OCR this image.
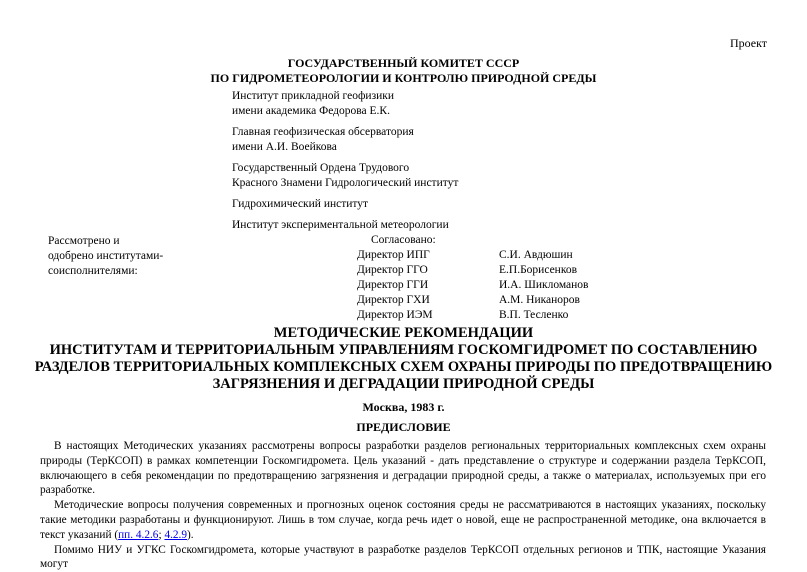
Проект
ГОСУДАРСТВЕННЫЙ КОМИТЕТ СССР
ПО ГИДРОМЕТЕОРОЛОГИИ И КОНТРОЛЮ ПРИРОДНОЙ СРЕДЫ
Институт прикладной геофизики
имени академика Федорова Е.К.
Главная геофизическая обсерватория
имени А.И. Воейкова
Государственный Ордена Трудового
Красного Знамени Гидрологический институт
Гидрохимический институт
Институт экспериментальной метеорологии
Рассмотрено и
одобрено институтами-
соисполнителями:
Согласовано:
Директор ИПГ	С.И. Авдюшин
Директор ГГО	Е.П.Борисенков
Директор ГГИ	И.А. Шикломанов
Директор ГХИ	А.М. Никаноров
Директор ИЭМ	В.П. Тесленко
МЕТОДИЧЕСКИЕ РЕКОМЕНДАЦИИ
ИНСТИТУТАМ И ТЕРРИТОРИАЛЬНЫМ УПРАВЛЕНИЯМ ГОСКОМГИДРОМЕТ ПО СОСТАВЛЕНИЮ РАЗДЕЛОВ ТЕРРИТОРИАЛЬНЫХ КОМПЛЕКСНЫХ СХЕМ ОХРАНЫ ПРИРОДЫ ПО ПРЕДОТВРАЩЕНИЮ ЗАГРЯЗНЕНИЯ И ДЕГРАДАЦИИ ПРИРОДНОЙ СРЕДЫ
Москва, 1983 г.
ПРЕДИСЛОВИЕ

В настоящих Методических указаниях рассмотрены вопросы разработки разделов региональных территориальных комплексных схем охраны природы (ТерКСОП) в рамках компетенции Госкомгидромета. Цель указаний - дать представление о структуре и содержании раздела ТерКСОП, включающего в себя рекомендации по предотвращению загрязнения и деградации природной среды, а также о материалах, используемых при его разработке.

Методические вопросы получения современных и прогнозных оценок состояния среды не рассматриваются в настоящих указаниях, поскольку такие методики разработаны и функционируют. Лишь в том случае, когда речь идет о новой, еще не распространенной методике, она включается в текст указаний (пп. 4.2.6; 4.2.9).

Помимо НИУ и УГКС Госкомгидромета, которые участвуют в разработке разделов ТерКСОП отдельных регионов и ТПК, настоящие Указания могут
